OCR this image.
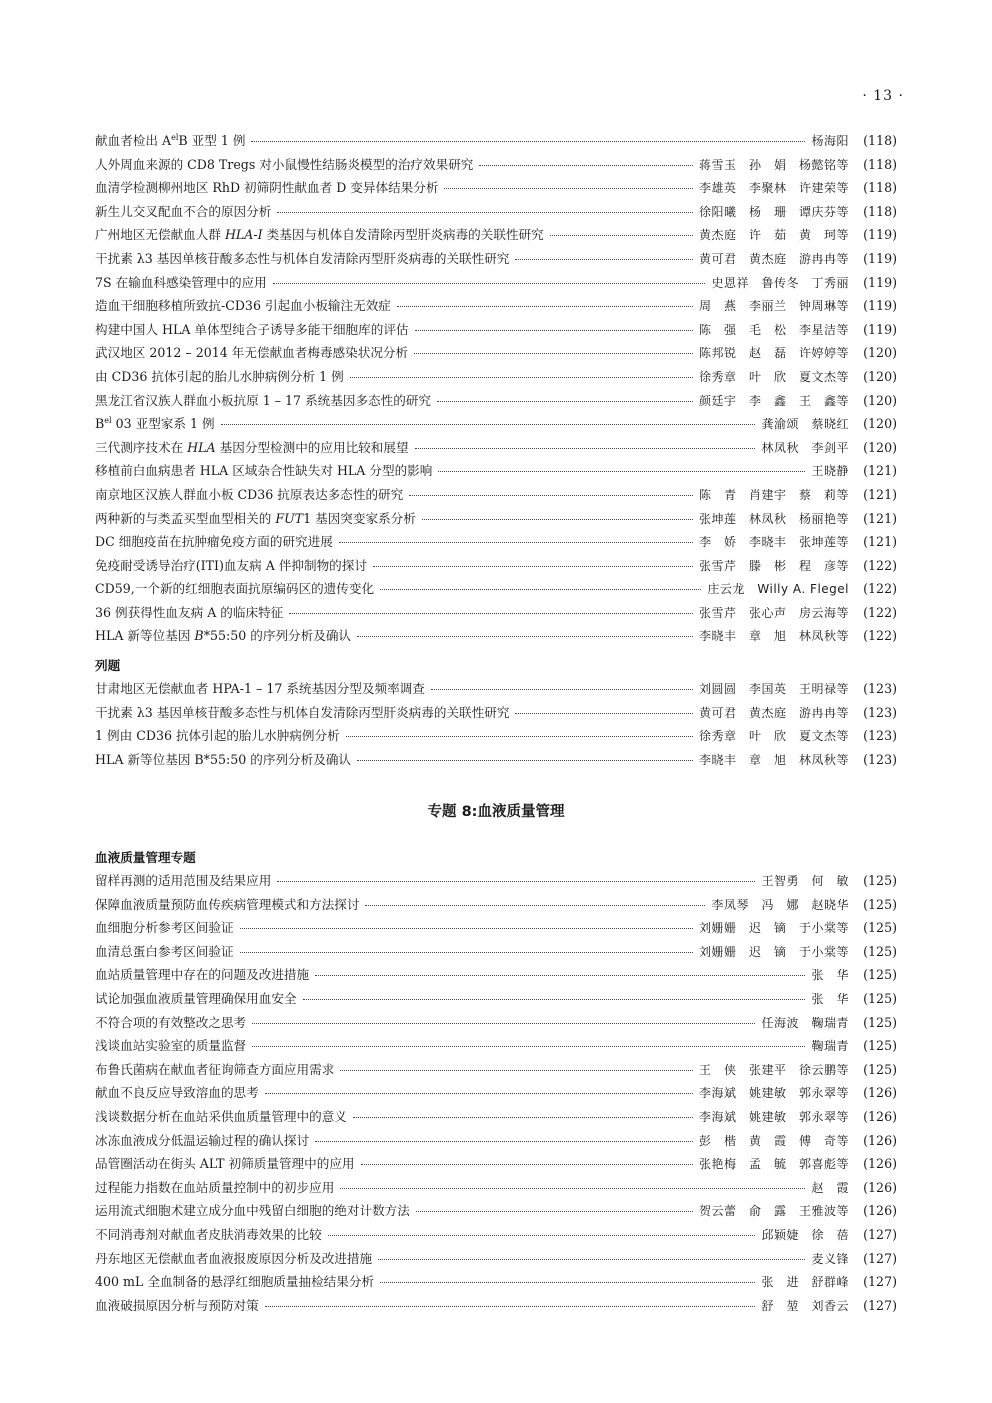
· 13 ·
献血者检出 $A^{el}B$ 亚型 1 例	杨海阳	(118)
人外周血来源的 CD8 Tregs 对小鼠慢性结肠炎模型的治疗效果研究	蒋雪玉　孙　娟　杨懿铭等	(118)
血清学检测柳州地区 RhD 初筛阴性献血者 D 变异体结果分析	李雄英　李聚林　许建荣等	(118)
新生儿交叉配血不合的原因分析	徐阳曦　杨　珊　谭庆芬等	(118)
广州地区无偿献血人群 HLA-I 类基因与机体自发清除丙型肝炎病毒的关联性研究	黄杰庭　许　茹　黄　珂等	(119)
干扰素 λ3 基因单核苷酸多态性与机体自发清除丙型肝炎病毒的关联性研究	黄可君　黄杰庭　游冉冉等	(119)
7S 在输血科感染管理中的应用	史恩祥　鲁传冬　丁秀丽	(119)
造血干细胞移植所致抗-CD36 引起血小板输注无效症	周　燕　李丽兰　钟周琳等	(119)
构建中国人 HLA 单体型纯合子诱导多能干细胞库的评估	陈　强　毛　松　李星洁等	(119)
武汉地区 2012 – 2014 年无偿献血者梅毒感染状况分析	陈邦锐　赵　磊　许婷婷等	(120)
由 CD36 抗体引起的胎儿水肿病例分析 1 例	徐秀章　叶　欣　夏文杰等	(120)
黑龙江省汉族人群血小板抗原 1 – 17 系统基因多态性的研究	颜廷宇　李　鑫　王　鑫等	(120)
$B^{el}$ 03 亚型家系 1 例	龚渝颂　蔡晓红	(120)
三代测序技术在 HLA 基因分型检测中的应用比较和展望	林凤秋　李剑平	(120)
移植前白血病患者 HLA 区域杂合性缺失对 HLA 分型的影响	王晓静	(121)
南京地区汉族人群血小板 CD36 抗原表达多态性的研究	陈　青　肖建宇　蔡　莉等	(121)
两种新的与类孟买型血型相关的 FUT1 基因突变家系分析	张坤莲　林凤秋　杨丽艳等	(121)
DC 细胞疫苗在抗肿瘤免疫方面的研究进展	李　娇　李晓丰　张坤莲等	(121)
免疫耐受诱导治疗(ITI)血友病 A 伴抑制物的探讨	张雪芹　滕　彬　程　彦等	(122)
CD59,一个新的红细胞表面抗原编码区的遗传变化	庄云龙　Willy A. Flegel	(122)
36 例获得性血友病 A 的临床特征	张雪芹　张心声　房云海等	(122)
HLA 新等位基因 B*55:50 的序列分析及确认	李晓丰　章　旭　林凤秋等	(122)
列题
甘肃地区无偿献血者 HPA-1 – 17 系统基因分型及频率调查	刘圆圆　李国英　王明禄等	(123)
干扰素 λ3 基因单核苷酸多态性与机体自发清除丙型肝炎病毒的关联性研究	黄可君　黄杰庭　游冉冉等	(123)
1 例由 CD36 抗体引起的胎儿水肿病例分析	徐秀章　叶　欣　夏文杰等	(123)
HLA 新等位基因 B*55:50 的序列分析及确认	李晓丰　章　旭　林凤秋等	(123)
专题 8:血液质量管理
血液质量管理专题
留样再测的适用范围及结果应用	王智勇　何　敏	(125)
保障血液质量预防血传疾病管理模式和方法探讨	李凤琴　冯　娜　赵晓华	(125)
血细胞分析参考区间验证	刘姗姗　迟　镝　于小棠等	(125)
血清总蛋白参考区间验证	刘姗姗　迟　镝　于小棠等	(125)
血站质量管理中存在的问题及改进措施	张　华	(125)
试论加强血液质量管理确保用血安全	张　华	(125)
不符合项的有效整改之思考	任海波　鞠瑞青	(125)
浅谈血站实验室的质量监督	鞠瑞青	(125)
布鲁氏菌病在献血者征询筛查方面应用需求	王　侠　张建平　徐云鹏等	(125)
献血不良反应导致溶血的思考	李海斌　姚建敏　郭永翠等	(126)
浅谈数据分析在血站采供血质量管理中的意义	李海斌　姚建敏　郭永翠等	(126)
冰冻血液成分低温运输过程的确认探讨	彭　楷　黄　霞　傅　奇等	(126)
品管圈活动在街头 ALT 初筛质量管理中的应用	张艳梅　孟　毓　郭喜彪等	(126)
过程能力指数在血站质量控制中的初步应用	赵　霞	(126)
运用流式细胞术建立成分血中残留白细胞的绝对计数方法	贺云蕾　俞　露　王雅波等	(126)
不同消毒剂对献血者皮肤消毒效果的比较	邱颖婕　徐　蓓	(127)
丹东地区无偿献血者血液报废原因分析及改进措施	麦义锋	(127)
400 mL 全血制备的悬浮红细胞质量抽检结果分析	张　进　舒群峰	(127)
血液破损原因分析与预防对策	舒　堃　刘香云	(127)
